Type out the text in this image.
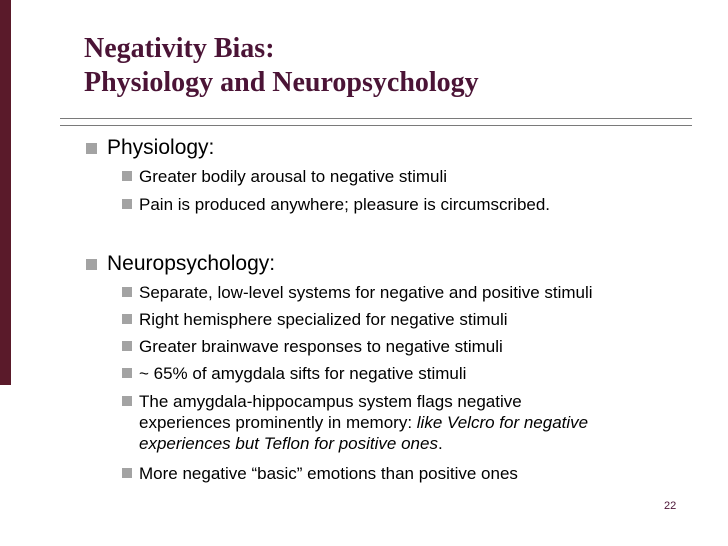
Negativity Bias:
Physiology and Neuropsychology
Physiology:
Greater bodily arousal to negative stimuli
Pain is produced anywhere; pleasure is circumscribed.
Neuropsychology:
Separate, low-level systems for negative and positive stimuli
Right hemisphere specialized for negative stimuli
Greater brainwave responses to negative stimuli
~ 65% of amygdala sifts for negative stimuli
The amygdala-hippocampus system flags negative
experiences prominently in memory: like Velcro for negative
experiences but Teflon for positive ones.
More negative “basic” emotions than positive ones
22
